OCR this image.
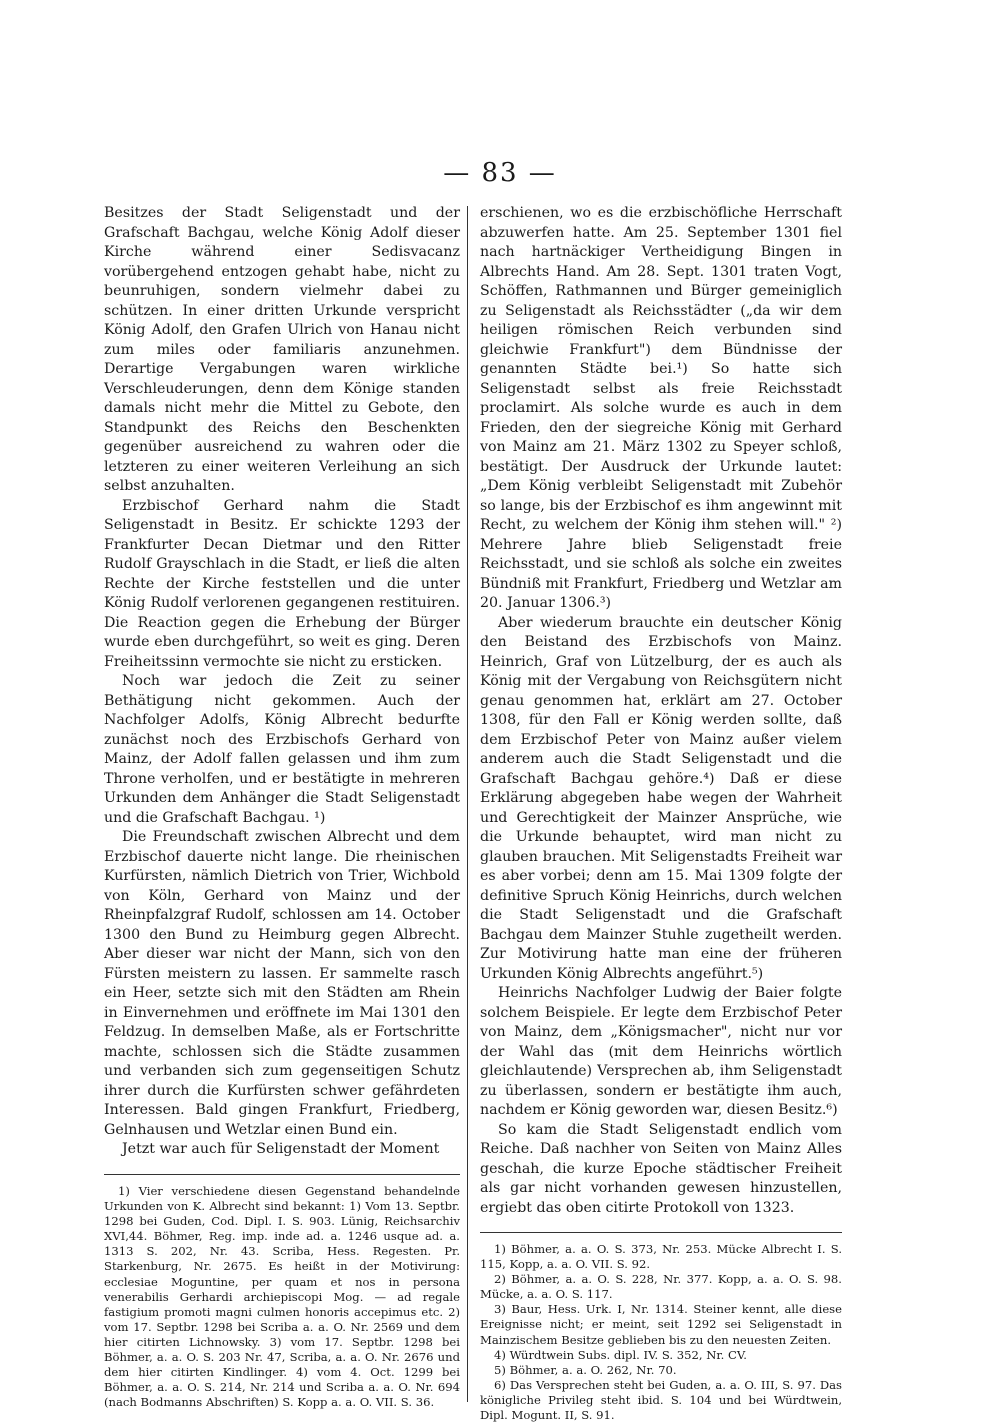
— 83 —

Besitzes der Stadt Seligenstadt und der Grafschaft Bachgau, welche König Adolf dieser Kirche während einer Sedisvacanz vorübergehend entzogen gehabt habe, nicht zu beunruhigen, sondern vielmehr dabei zu schützen. In einer dritten Urkunde verspricht König Adolf, den Grafen Ulrich von Hanau nicht zum miles oder familiaris anzunehmen. Derartige Vergabungen waren wirkliche Verschleuderungen, denn dem Könige standen damals nicht mehr die Mittel zu Gebote, den Standpunkt des Reichs den Beschenkten gegenüber ausreichend zu wahren oder die letzteren zu einer weiteren Verleihung an sich selbst anzuhalten.

Erzbischof Gerhard nahm die Stadt Seligenstadt in Besitz. Er schickte 1293 der Frankfurter Decan Dietmar und den Ritter Rudolf Grayschlach in die Stadt, er ließ die alten Rechte der Kirche feststellen und die unter König Rudolf verlorenen gegangenen restituiren. Die Reaction gegen die Erhebung der Bürger wurde eben durchgeführt, so weit es ging. Deren Freiheitssinn vermochte sie nicht zu ersticken.

Noch war jedoch die Zeit zu seiner Bethätigung nicht gekommen. Auch der Nachfolger Adolfs, König Albrecht bedurfte zunächst noch des Erzbischofs Gerhard von Mainz, der Adolf fallen gelassen und ihm zum Throne verholfen, und er bestätigte in mehreren Urkunden dem Anhänger die Stadt Seligenstadt und die Grafschaft Bachgau. ¹)

Die Freundschaft zwischen Albrecht und dem Erzbischof dauerte nicht lange. Die rheinischen Kurfürsten, nämlich Dietrich von Trier, Wichbold von Köln, Gerhard von Mainz und der Rheinpfalzgraf Rudolf, schlossen am 14. October 1300 den Bund zu Heimburg gegen Albrecht. Aber dieser war nicht der Mann, sich von den Fürsten meistern zu lassen. Er sammelte rasch ein Heer, setzte sich mit den Städten am Rhein in Einvernehmen und eröffnete im Mai 1301 den Feldzug. In demselben Maße, als er Fortschritte machte, schlossen sich die Städte zusammen und verbanden sich zum gegenseitigen Schutz ihrer durch die Kurfürsten schwer gefährdeten Interessen. Bald gingen Frankfurt, Friedberg, Gelnhausen und Wetzlar einen Bund ein.

Jetzt war auch für Seligenstadt der Moment

erschienen, wo es die erzbischöfliche Herrschaft abzuwerfen hatte. Am 25. September 1301 fiel nach hartnäckiger Vertheidigung Bingen in Albrechts Hand. Am 28. Sept. 1301 traten Vogt, Schöffen, Rathmannen und Bürger gemeiniglich zu Seligenstadt als Reichsstädter („da wir dem heiligen römischen Reich verbunden sind gleichwie Frankfurt") dem Bündnisse der genannten Städte bei.¹) So hatte sich Seligenstadt selbst als freie Reichsstadt proclamirt. Als solche wurde es auch in dem Frieden, den der siegreiche König mit Gerhard von Mainz am 21. März 1302 zu Speyer schloß, bestätigt. Der Ausdruck der Urkunde lautet: „Dem König verbleibt Seligenstadt mit Zubehör so lange, bis der Erzbischof es ihm angewinnt mit Recht, zu welchem der König ihm stehen will." ²) Mehrere Jahre blieb Seligenstadt freie Reichsstadt, und sie schloß als solche ein zweites Bündniß mit Frankfurt, Friedberg und Wetzlar am 20. Januar 1306.³)

Aber wiederum brauchte ein deutscher König den Beistand des Erzbischofs von Mainz. Heinrich, Graf von Lützelburg, der es auch als König mit der Vergabung von Reichsgütern nicht genau genommen hat, erklärt am 27. October 1308, für den Fall er König werden sollte, daß dem Erzbischof Peter von Mainz außer vielem anderem auch die Stadt Seligenstadt und die Grafschaft Bachgau gehöre.⁴) Daß er diese Erklärung abgegeben habe wegen der Wahrheit und Gerechtigkeit der Mainzer Ansprüche, wie die Urkunde behauptet, wird man nicht zu glauben brauchen. Mit Seligenstadts Freiheit war es aber vorbei; denn am 15. Mai 1309 folgte der definitive Spruch König Heinrichs, durch welchen die Stadt Seligenstadt und die Grafschaft Bachgau dem Mainzer Stuhle zugetheilt werden. Zur Motivirung hatte man eine der früheren Urkunden König Albrechts angeführt.⁵)

Heinrichs Nachfolger Ludwig der Baier folgte solchem Beispiele. Er legte dem Erzbischof Peter von Mainz, dem „Königsmacher", nicht nur vor der Wahl das (mit dem Heinrichs wörtlich gleichlautende) Versprechen ab, ihm Seligenstadt zu überlassen, sondern er bestätigte ihm auch, nachdem er König geworden war, diesen Besitz.⁶)

So kam die Stadt Seligenstadt endlich vom Reiche. Daß nachher von Seiten von Mainz Alles geschah, die kurze Epoche städtischer Freiheit als gar nicht vorhanden gewesen hinzustellen, ergiebt das oben citirte Protokoll von 1323.

1) Vier verschiedene diesen Gegenstand behandelnde Urkunden von K. Albrecht sind bekannt: 1) Vom 13. Septbr. 1298 bei Guden, Cod. Dipl. I. S. 903. Lünig, Reichsarchiv XVI,44. Böhmer, Reg. imp. inde ad. a. 1246 usque ad. a. 1313 S. 202, Nr. 43. Scriba, Hess. Regesten. Pr. Starkenburg, Nr. 2675. Es heißt in der Motivirung: ecclesiae Moguntine, per quam et nos in persona venerabilis Gerhardi archiepiscopi Mog. — ad regale fastigium promoti magni culmen honoris accepimus etc. 2) vom 17. Septbr. 1298 bei Scriba a. a. O. Nr. 2569 und dem hier citirten Lichnowsky. 3) vom 17. Septbr. 1298 bei Böhmer, a. a. O. S. 203 Nr. 47, Scriba, a. a. O. Nr. 2676 und dem hier citirten Kindlinger. 4) vom 4. Oct. 1299 bei Böhmer, a. a. O. S. 214, Nr. 214 und Scriba a. a. O. Nr. 694 (nach Bodmanns Abschriften) S. Kopp a. a. O. VII. S. 36.

1) Böhmer, a. a. O. S. 373, Nr. 253. Mücke Albrecht I. S. 115, Kopp, a. a. O. VII. S. 92.

2) Böhmer, a. a. O. S. 228, Nr. 377. Kopp, a. a. O. S. 98. Mücke, a. a. O. S. 117.

3) Baur, Hess. Urk. I, Nr. 1314. Steiner kennt, alle diese Ereignisse nicht; er meint, seit 1292 sei Seligenstadt in Mainzischem Besitze geblieben bis zu den neuesten Zeiten.

4) Würdtwein Subs. dipl. IV. S. 352, Nr. CV.

5) Böhmer, a. a. O. 262, Nr. 70.

6) Das Versprechen steht bei Guden, a. a. O. III, S. 97. Das königliche Privileg steht ibid. S. 104 und bei Würdtwein, Dipl. Mogunt. II, S. 91.
